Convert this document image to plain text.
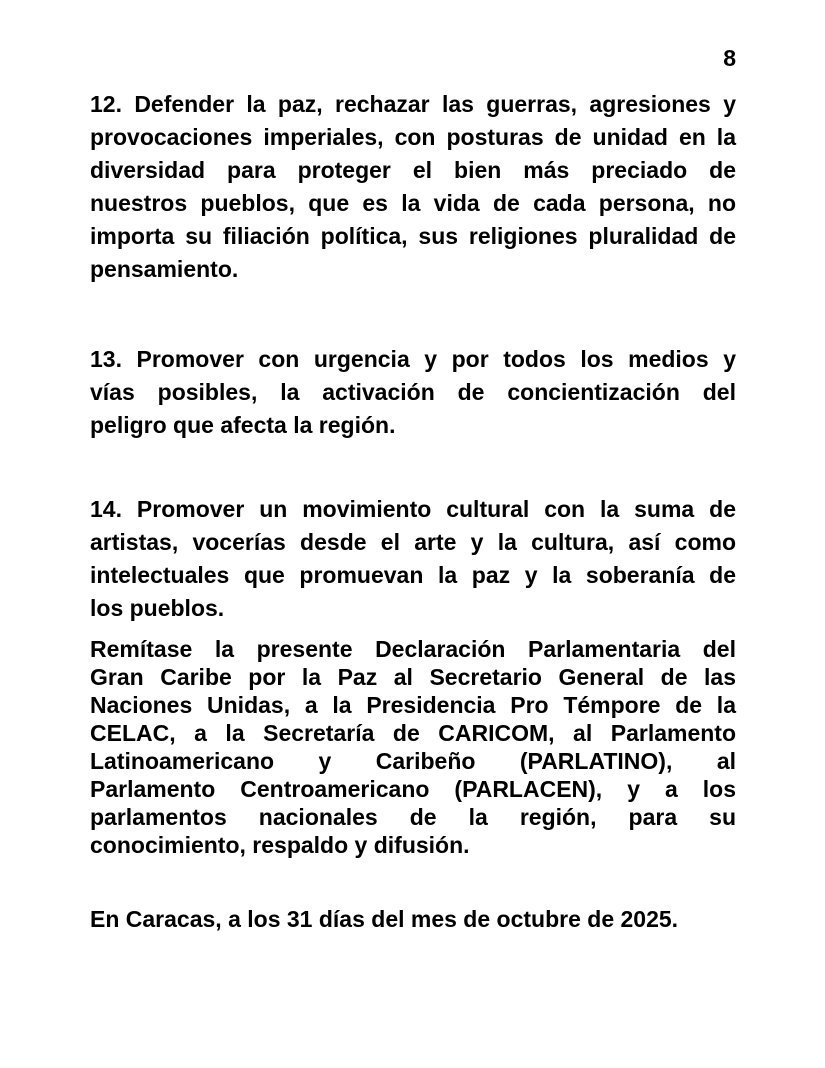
8
12. Defender la paz, rechazar las guerras, agresiones y
provocaciones imperiales, con posturas de unidad en la
diversidad para proteger el bien más preciado de
nuestros pueblos, que es la vida de cada persona, no
importa su filiación política, sus religiones pluralidad de
pensamiento.
13. Promover con urgencia y por todos los medios y
vías posibles, la activación de concientización del
peligro que afecta la región.
14. Promover un movimiento cultural con la suma de
artistas, vocerías desde el arte y la cultura, así como
intelectuales que promuevan la paz y la soberanía de
los pueblos.
Remítase la presente Declaración Parlamentaria del
Gran Caribe por la Paz al Secretario General de las
Naciones Unidas, a la Presidencia Pro Témpore de la
CELAC, a la Secretaría de CARICOM, al Parlamento
Latinoamericano y Caribeño (PARLATINO), al
Parlamento Centroamericano (PARLACEN), y a los
parlamentos nacionales de la región, para su
conocimiento, respaldo y difusión.
En Caracas, a los 31 días del mes de octubre de 2025.
